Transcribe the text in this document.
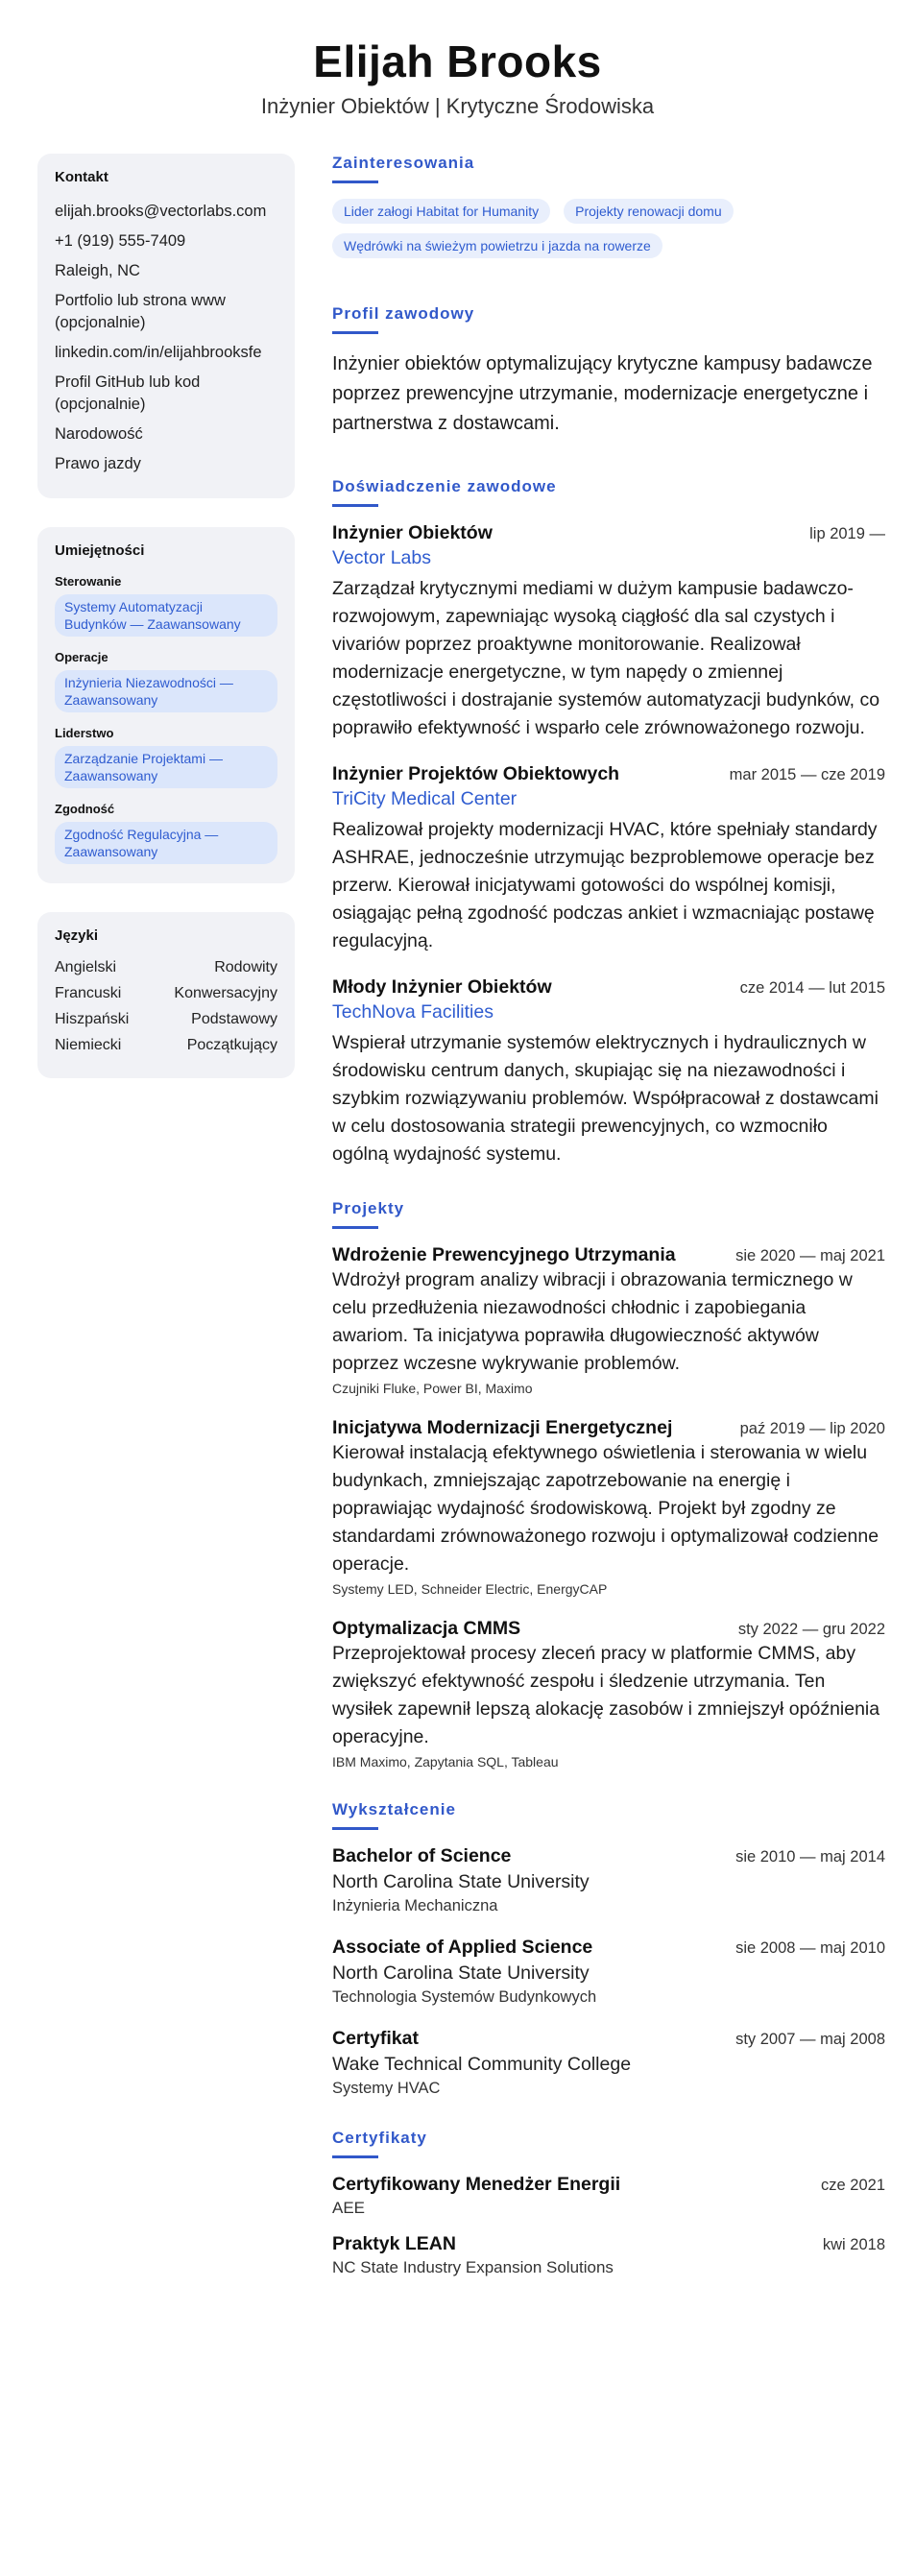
Elijah Brooks
Inżynier Obiektów | Krytyczne Środowiska
Kontakt
elijah.brooks@vectorlabs.com
+1 (919) 555-7409
Raleigh, NC
Portfolio lub strona www (opcjonalnie)
linkedin.com/in/elijahbrooksfe
Profil GitHub lub kod (opcjonalnie)
Narodowość
Prawo jazdy
Umiejętności
Sterowanie
Systemy Automatyzacji Budynków — Zaawansowany
Operacje
Inżynieria Niezawodności — Zaawansowany
Liderstwo
Zarządzanie Projektami — Zaawansowany
Zgodność
Zgodność Regulacyjna — Zaawansowany
Języki
Angielski	Rodowity
Francuski	Konwersacyjny
Hiszpański	Podstawowy
Niemiecki	Początkujący
Zainteresowania
Lider załogi Habitat for Humanity	Projekty renowacji domu
Wędrówki na świeżym powietrzu i jazda na rowerze
Profil zawodowy
Inżynier obiektów optymalizujący krytyczne kampusy badawcze poprzez prewencyjne utrzymanie, modernizacje energetyczne i partnerstwa z dostawcami.
Doświadczenie zawodowe
Inżynier Obiektów	lip 2019 —
Vector Labs
Zarządzał krytycznymi mediami w dużym kampusie badawczo-rozwojowym, zapewniając wysoką ciągłość dla sal czystych i vivariów poprzez proaktywne monitorowanie. Realizował modernizacje energetyczne, w tym napędy o zmiennej częstotliwości i dostrajanie systemów automatyzacji budynków, co poprawiło efektywność i wsparło cele zrównoważonego rozwoju.
Inżynier Projektów Obiektowych	mar 2015 — cze 2019
TriCity Medical Center
Realizował projekty modernizacji HVAC, które spełniały standardy ASHRAE, jednocześnie utrzymując bezproblemowe operacje bez przerw. Kierował inicjatywami gotowości do wspólnej komisji, osiągając pełną zgodność podczas ankiet i wzmacniając postawę regulacyjną.
Młody Inżynier Obiektów	cze 2014 — lut 2015
TechNova Facilities
Wspierał utrzymanie systemów elektrycznych i hydraulicznych w środowisku centrum danych, skupiając się na niezawodności i szybkim rozwiązywaniu problemów. Współpracował z dostawcami w celu dostosowania strategii prewencyjnych, co wzmocniło ogólną wydajność systemu.
Projekty
Wdrożenie Prewencyjnego Utrzymania	sie 2020 — maj 2021
Wdrożył program analizy wibracji i obrazowania termicznego w celu przedłużenia niezawodności chłodnic i zapobiegania awariom. Ta inicjatywa poprawiła długowieczność aktywów poprzez wczesne wykrywanie problemów.
Czujniki Fluke, Power BI, Maximo
Inicjatywa Modernizacji Energetycznej	paź 2019 — lip 2020
Kierował instalacją efektywnego oświetlenia i sterowania w wielu budynkach, zmniejszając zapotrzebowanie na energię i poprawiając wydajność środowiskową. Projekt był zgodny ze standardami zrównoważonego rozwoju i optymalizował codzienne operacje.
Systemy LED, Schneider Electric, EnergyCAP
Optymalizacja CMMS	sty 2022 — gru 2022
Przeprojektował procesy zleceń pracy w platformie CMMS, aby zwiększyć efektywność zespołu i śledzenie utrzymania. Ten wysiłek zapewnił lepszą alokację zasobów i zmniejszył opóźnienia operacyjne.
IBM Maximo, Zapytania SQL, Tableau
Wykształcenie
Bachelor of Science	sie 2010 — maj 2014
North Carolina State University
Inżynieria Mechaniczna
Associate of Applied Science	sie 2008 — maj 2010
North Carolina State University
Technologia Systemów Budynkowych
Certyfikat	sty 2007 — maj 2008
Wake Technical Community College
Systemy HVAC
Certyfikaty
Certyfikowany Menedżer Energii	cze 2021
AEE
Praktyk LEAN	kwi 2018
NC State Industry Expansion Solutions
